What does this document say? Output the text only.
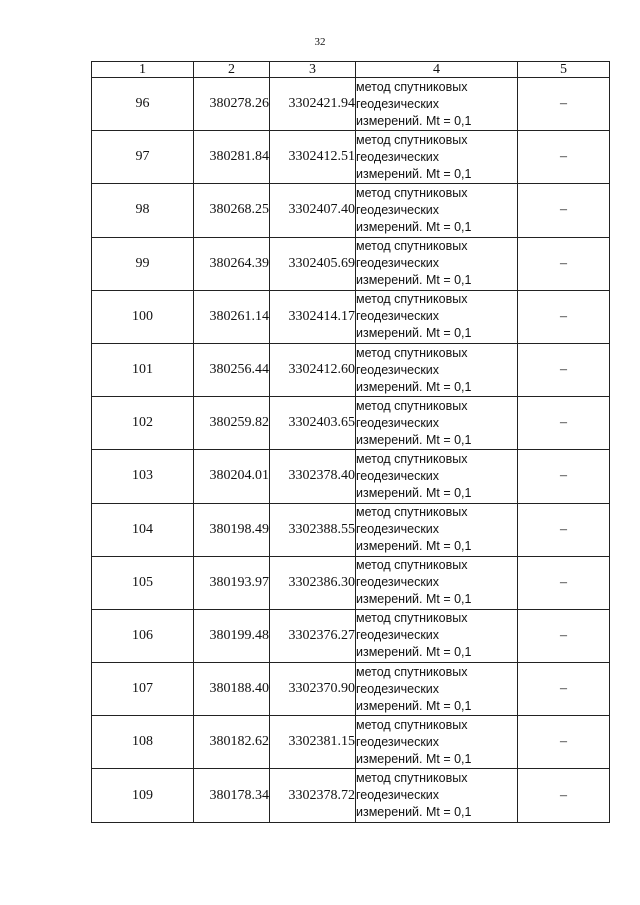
32
1	2	3	4	5
96	380278.26	3302421.94	метод спутниковых
геодезических
измерений. Mt = 0,1	–
97	380281.84	3302412.51	метод спутниковых
геодезических
измерений. Mt = 0,1	–
98	380268.25	3302407.40	метод спутниковых
геодезических
измерений. Mt = 0,1	–
99	380264.39	3302405.69	метод спутниковых
геодезических
измерений. Mt = 0,1	–
100	380261.14	3302414.17	метод спутниковых
геодезических
измерений. Mt = 0,1	–
101	380256.44	3302412.60	метод спутниковых
геодезических
измерений. Mt = 0,1	–
102	380259.82	3302403.65	метод спутниковых
геодезических
измерений. Mt = 0,1	–
103	380204.01	3302378.40	метод спутниковых
геодезических
измерений. Mt = 0,1	–
104	380198.49	3302388.55	метод спутниковых
геодезических
измерений. Mt = 0,1	–
105	380193.97	3302386.30	метод спутниковых
геодезических
измерений. Mt = 0,1	–
106	380199.48	3302376.27	метод спутниковых
геодезических
измерений. Mt = 0,1	–
107	380188.40	3302370.90	метод спутниковых
геодезических
измерений. Mt = 0,1	–
108	380182.62	3302381.15	метод спутниковых
геодезических
измерений. Mt = 0,1	–
109	380178.34	3302378.72	метод спутниковых
геодезических
измерений. Mt = 0,1	–
